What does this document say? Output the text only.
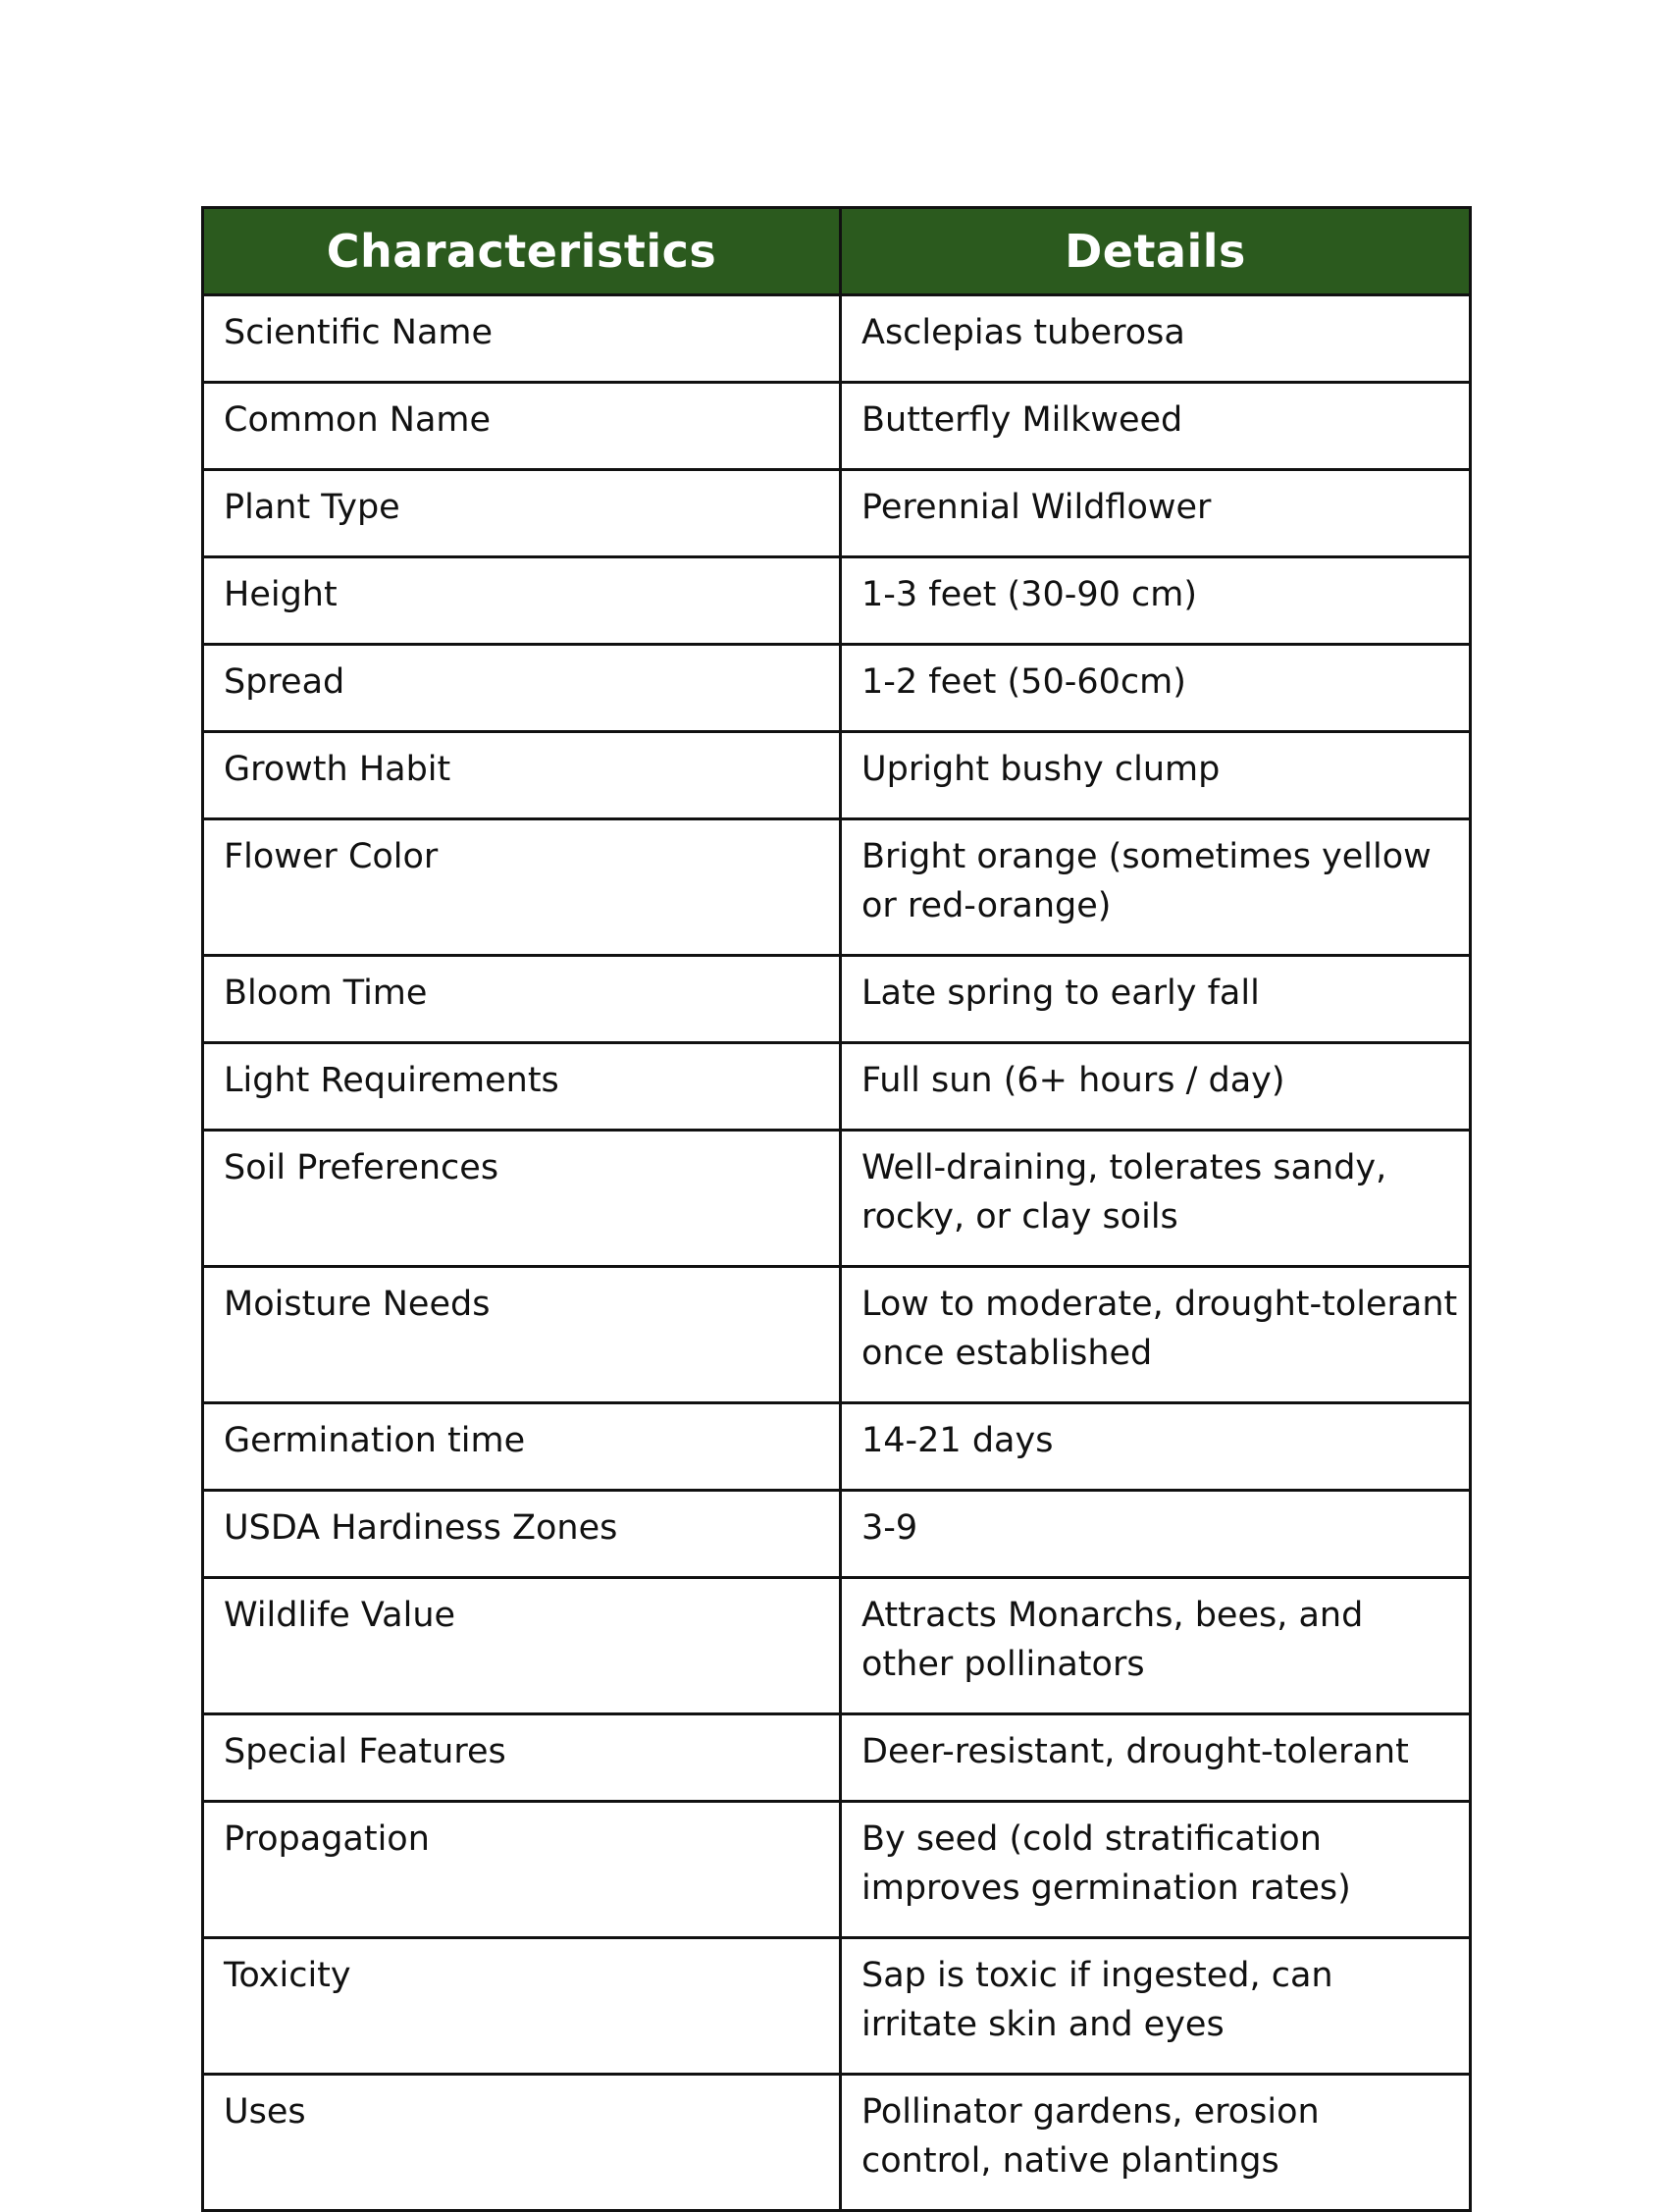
Characteristics	Details
Scientific Name	Asclepias tuberosa
Common Name	Butterfly Milkweed
Plant Type	Perennial Wildflower
Height	1-3 feet (30-90 cm)
Spread	1-2 feet (50-60cm)
Growth Habit	Upright bushy clump
Flower Color	Bright orange (sometimes yellow or red-orange)
Bloom Time	Late spring to early fall
Light Requirements	Full sun (6+ hours / day)
Soil Preferences	Well-draining, tolerates sandy, rocky, or clay soils
Moisture Needs	Low to moderate, drought-tolerant once established
Germination time	14-21 days
USDA Hardiness Zones	3-9
Wildlife Value	Attracts Monarchs, bees, and other pollinators
Special Features	Deer-resistant, drought-tolerant
Propagation	By seed (cold stratification improves germination rates)
Toxicity	Sap is toxic if ingested, can irritate skin and eyes
Uses	Pollinator gardens, erosion control, native plantings
